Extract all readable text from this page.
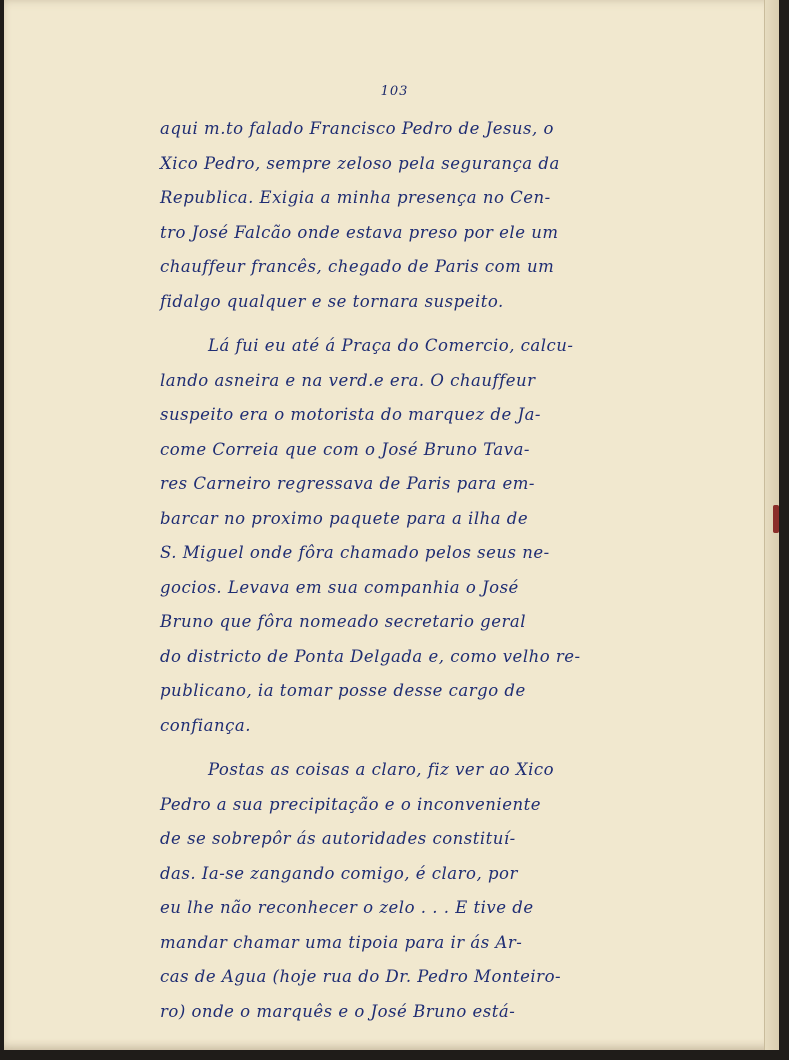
103
aqui m.to falado Francisco Pedro de Jesus, o
Xico Pedro, sempre zeloso pela segurança da
Republica. Exigia a minha presença no Cen-
tro José Falcão onde estava preso por ele um
chauffeur francês, chegado de Paris com um
fidalgo qualquer e se tornara suspeito.
Lá fui eu até á Praça do Comercio, calcu-
lando asneira e na verd.e era. O chauffeur
suspeito era o motorista do marquez de Ja-
come Correia que com o José Bruno Tava-
res Carneiro regressava de Paris para em-
barcar no proximo paquete para a ilha de
S. Miguel onde fôra chamado pelos seus ne-
gocios. Levava em sua companhia o José
Bruno que fôra nomeado secretario geral
do districto de Ponta Delgada e, como velho re-
publicano, ia tomar posse desse cargo de
confiança.
Postas as coisas a claro, fiz ver ao Xico
Pedro a sua precipitação e o inconveniente
de se sobrepôr ás autoridades constituí-
das. Ia-se zangando comigo, é claro, por
eu lhe não reconhecer o zelo . . . E tive de
mandar chamar uma tipoia para ir ás Ar-
cas de Agua (hoje rua do Dr. Pedro Monteiro-
ro) onde o marquês e o José Bruno está-
